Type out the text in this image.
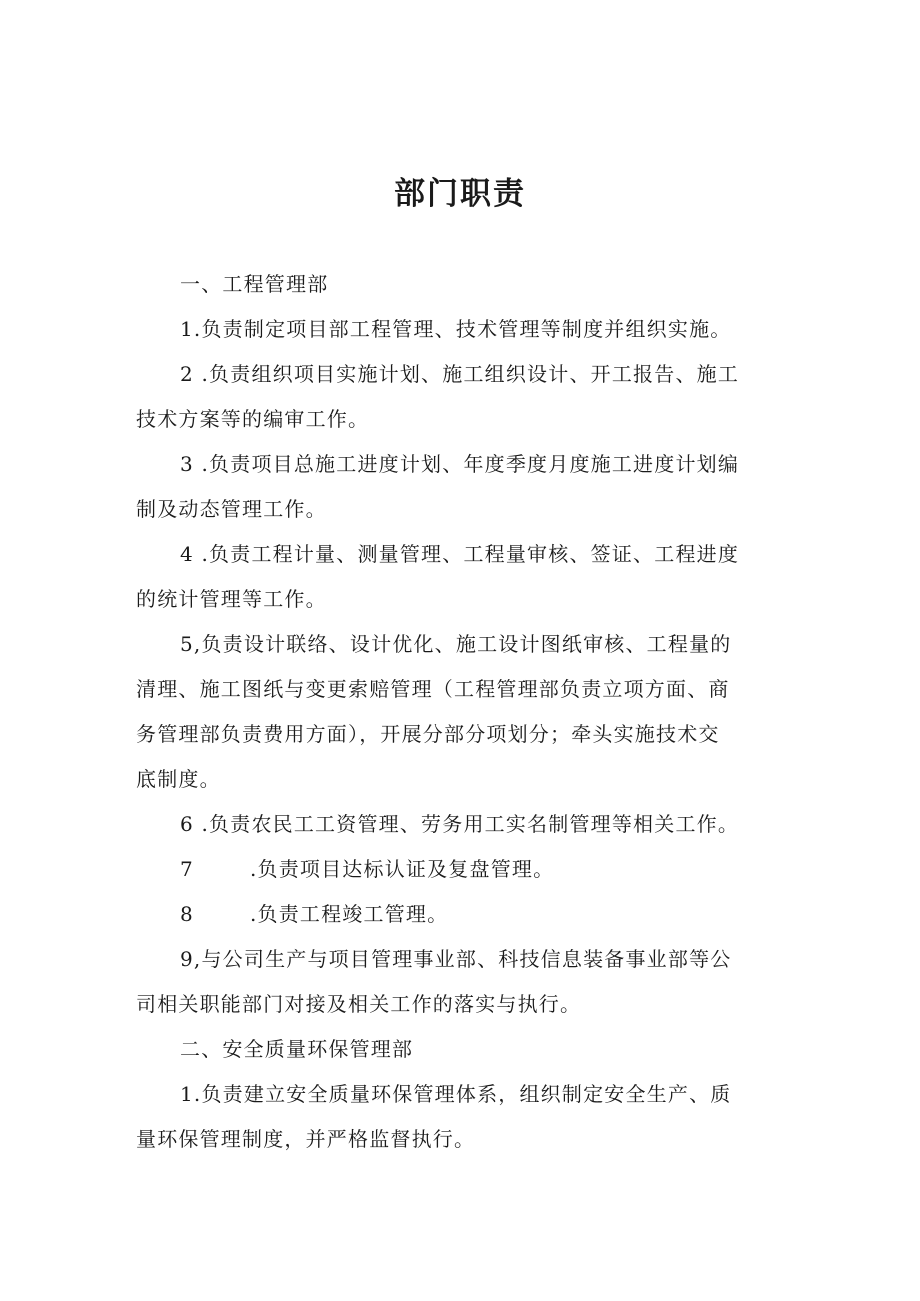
部门职责

一、工程管理部

1.负责制定项目部工程管理、技术管理等制度并组织实施。

2 .负责组织项目实施计划、施工组织设计、开工报告、施工
技术方案等的编审工作。

3 .负责项目总施工进度计划、年度季度月度施工进度计划编
制及动态管理工作。

4 .负责工程计量、测量管理、工程量审核、签证、工程进度
的统计管理等工作。

5,负责设计联络、设计优化、施工设计图纸审核、工程量的
清理、施工图纸与变更索赔管理（工程管理部负责立项方面、商
务管理部负责费用方面），开展分部分项划分；牵头实施技术交
底制度。

6 .负责农民工工资管理、劳务用工实名制管理等相关工作。

7	.负责项目达标认证及复盘管理。

8	.负责工程竣工管理。

9,与公司生产与项目管理事业部、科技信息装备事业部等公
司相关职能部门对接及相关工作的落实与执行。

二、安全质量环保管理部

1.负责建立安全质量环保管理体系，组织制定安全生产、质
量环保管理制度，并严格监督执行。
